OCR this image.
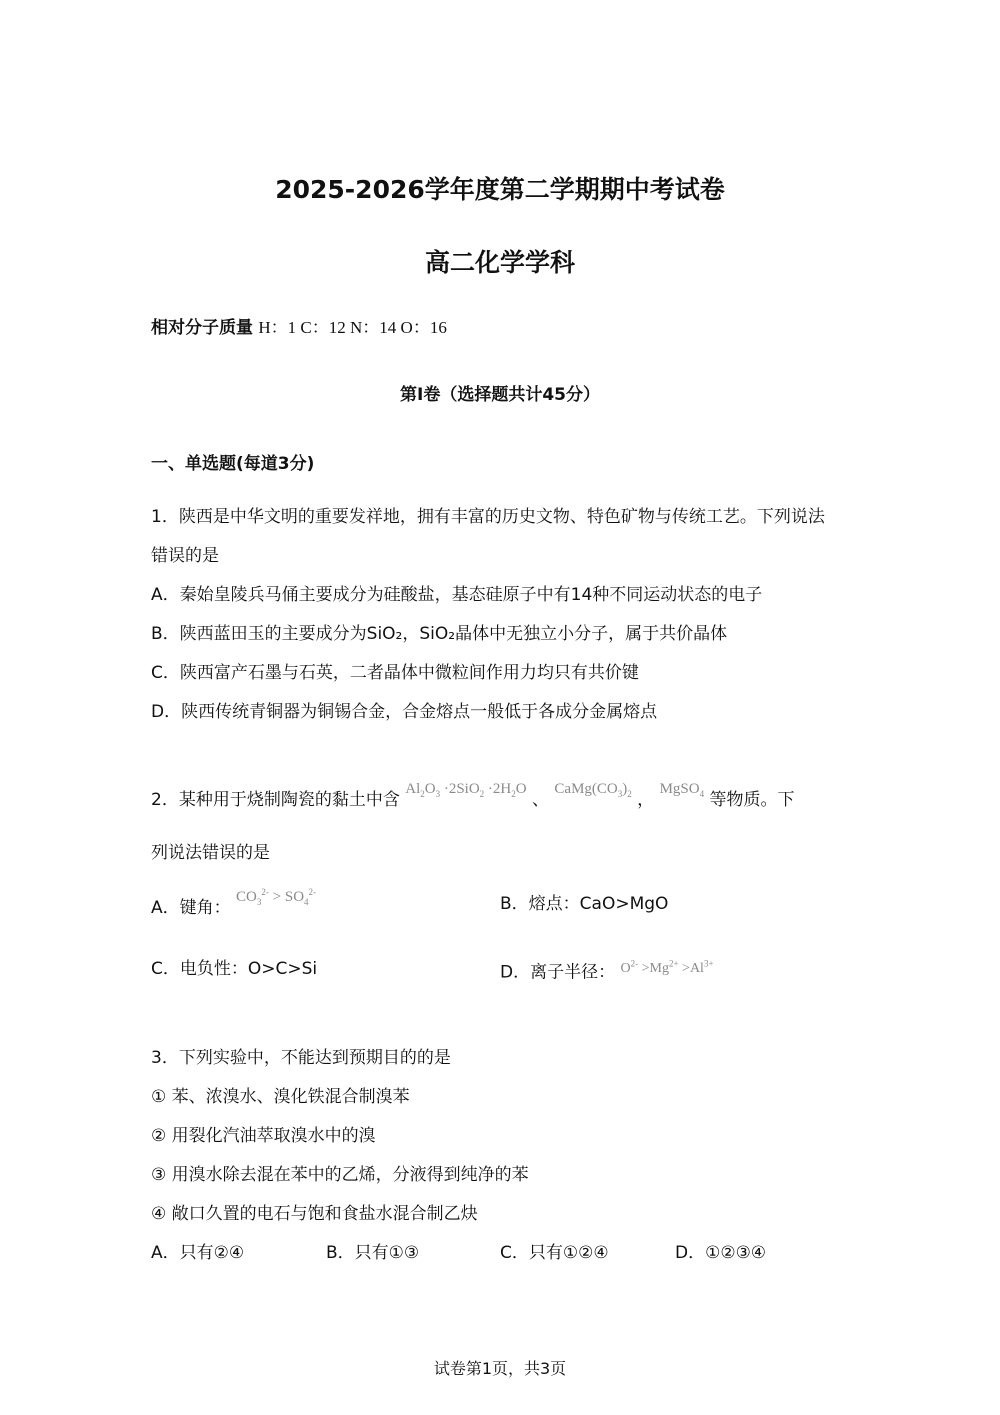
2025-2026学年度第二学期期中考试卷
高二化学学科
相对分子质量 H：1 C：12 N：14 O：16
第I卷（选择题共计45分）
一、单选题(每道3分)
1．陕西是中华文明的重要发祥地，拥有丰富的历史文物、特色矿物与传统工艺。下列说法
错误的是
A．秦始皇陵兵马俑主要成分为硅酸盐，基态硅原子中有14种不同运动状态的电子
B．陕西蓝田玉的主要成分为SiO₂，SiO₂晶体中无独立小分子，属于共价晶体
C．陕西富产石墨与石英，二者晶体中微粒间作用力均只有共价键
D．陕西传统青铜器为铜锡合金，合金熔点一般低于各成分金属熔点
2．某种用于烧制陶瓷的黏土中含 $Al_2O_3 \cdot 2SiO_2 \cdot 2H_2O$ 、 $CaMg(CO_3)_2$ ， MgSO$_4$ 等物质。下
列说法错误的是
A．键角： $CO_3^{2-} > SO_4^{2-}$
B．熔点：CaO>MgO
C．电负性：O>C>Si	D．离子半径： $^{O^{2-} >Mg^{2+} >Al^{3+}}$
3．下列实验中，不能达到预期目的的是
① 苯、浓溴水、溴化铁混合制溴苯
② 用裂化汽油萃取溴水中的溴
③ 用溴水除去混在苯中的乙烯，分液得到纯净的苯
④ 敞口久置的电石与饱和食盐水混合制乙炔
A．只有②④	B．只有①③	C．只有①②④	D．①②③④
试卷第1页，共3页
